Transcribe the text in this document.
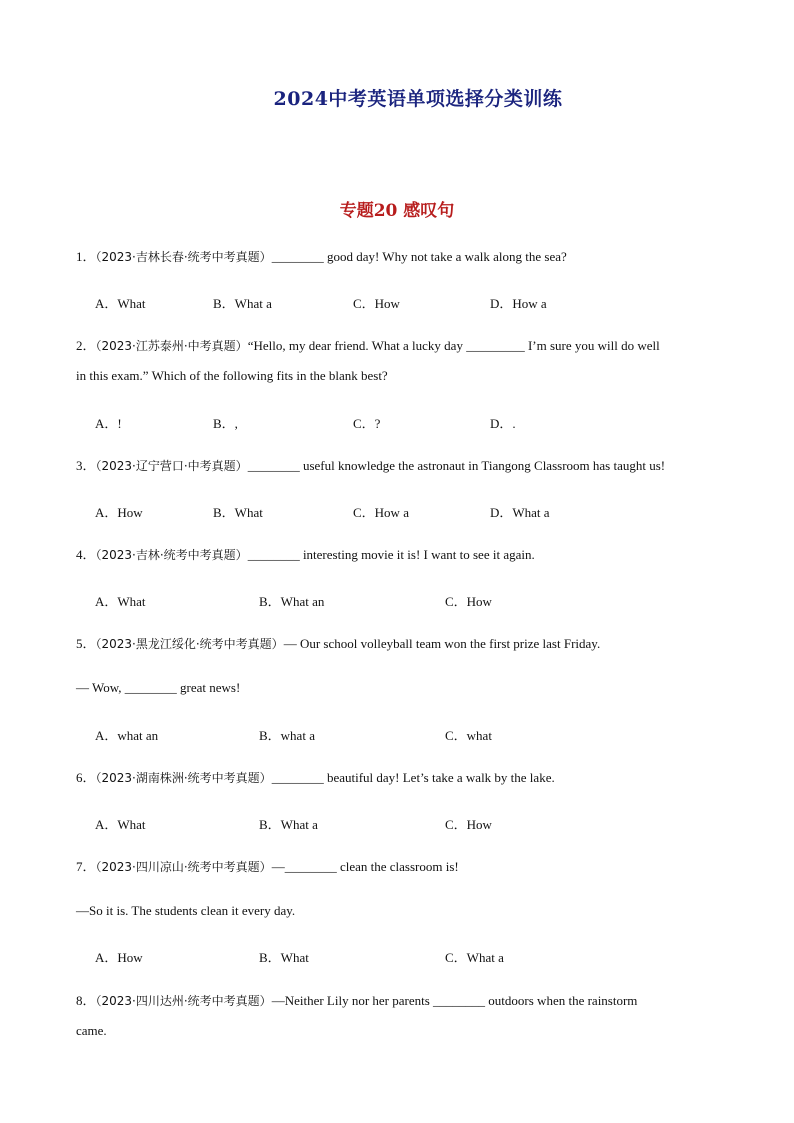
2024中考英语单项选择分类训练
专题20 感叹句
1．（2023·吉林长春·统考中考真题）________ good day! Why not take a walk along the sea?
A．What	B．What a	C．How	D．How a
2．（2023·江苏泰州·中考真题）“Hello, my dear friend. What a lucky day _________ I’m sure you will do well
in this exam.” Which of the following fits in the blank best?
A．!	B．,	C．?	D．.
3．（2023·辽宁营口·中考真题）________ useful knowledge the astronaut in Tiangong Classroom has taught us!
A．How	B．What	C．How a	D．What a
4．（2023·吉林·统考中考真题）________ interesting movie it is! I want to see it again.
A．What	B．What an	C．How
5．（2023·黑龙江绥化·统考中考真题）— Our school volleyball team won the first prize last Friday.
— Wow, ________ great news!
A．what an	B．what a	C．what
6．（2023·湖南株洲·统考中考真题）________ beautiful day! Let’s take a walk by the lake.
A．What	B．What a	C．How
7．（2023·四川凉山·统考中考真题）—________ clean the classroom is!
—So it is. The students clean it every day.
A．How	B．What	C．What a
8．（2023·四川达州·统考中考真题）—Neither Lily nor her parents ________ outdoors when the rainstorm
came.
